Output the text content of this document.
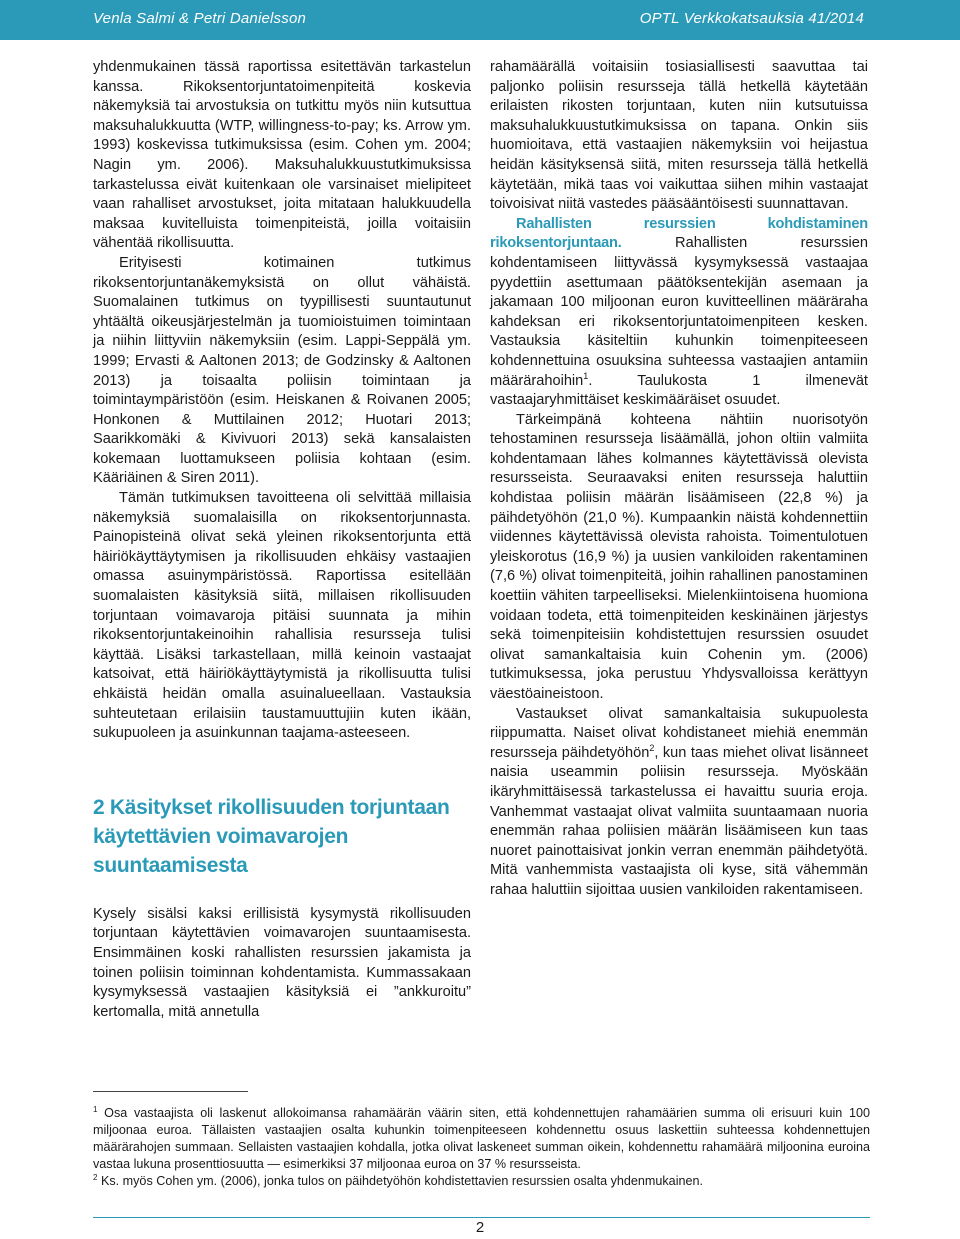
Venla Salmi & Petri Danielsson	OPTL Verkkokatsauksia 41/2014

yhdenmukainen tässä raportissa esitettävän tarkastelun kanssa. Rikoksentorjuntatoimenpiteitä koskevia näkemyksiä tai arvostuksia on tutkittu myös niin kutsuttua maksuhalukkuutta (WTP, willingness-to-pay; ks. Arrow ym. 1993) koskevissa tutkimuksissa (esim. Cohen ym. 2004; Nagin ym. 2006). Maksuhalukkuustutkimuksissa tarkastelussa eivät kuitenkaan ole varsinaiset mielipiteet vaan rahalliset arvostukset, joita mitataan halukkuudella maksaa kuvitelluista toimenpiteistä, joilla voitaisiin vähentää rikollisuutta.

Erityisesti kotimainen tutkimus rikoksentorjuntanäkemyksistä on ollut vähäistä. Suomalainen tutkimus on tyypillisesti suuntautunut yhtäältä oikeusjärjestelmän ja tuomioistuimen toimintaan ja niihin liittyviin näkemyksiin (esim. Lappi-Seppälä ym. 1999; Ervasti & Aaltonen 2013; de Godzinsky & Aaltonen 2013) ja toisaalta poliisin toimintaan ja toimintaympäristöön (esim. Heiskanen & Roivanen 2005; Honkonen & Muttilainen 2012; Huotari 2013; Saarikkomäki & Kivivuori 2013) sekä kansalaisten kokemaan luottamukseen poliisia kohtaan (esim. Kääriäinen & Siren 2011).

Tämän tutkimuksen tavoitteena oli selvittää millaisia näkemyksiä suomalaisilla on rikoksentorjunnasta. Painopisteinä olivat sekä yleinen rikoksentorjunta että häiriökäyttäytymisen ja rikollisuuden ehkäisy vastaajien omassa asuinympäristössä. Raportissa esitellään suomalaisten käsityksiä siitä, millaisen rikollisuuden torjuntaan voimavaroja pitäisi suunnata ja mihin rikoksentorjuntakeinoihin rahallisia resursseja tulisi käyttää. Lisäksi tarkastellaan, millä keinoin vastaajat katsoivat, että häiriökäyttäytymistä ja rikollisuutta tulisi ehkäistä heidän omalla asuinalueellaan. Vastauksia suhteutetaan erilaisiin taustamuuttujiin kuten ikään, sukupuoleen ja asuinkunnan taajama-asteeseen.

2 Käsitykset rikollisuuden torjuntaan
käytettävien voimavarojen suuntaamisesta

Kysely sisälsi kaksi erillisistä kysymystä rikollisuuden torjuntaan käytettävien voimavarojen suuntaamisesta. Ensimmäinen koski rahallisten resurssien jakamista ja toinen poliisin toiminnan kohdentamista. Kummassakaan kysymyksessä vastaajien käsityksiä ei ”ankkuroitu” kertomalla, mitä annetulla

rahamäärällä voitaisiin tosiasiallisesti saavuttaa tai paljonko poliisin resursseja tällä hetkellä käytetään erilaisten rikosten torjuntaan, kuten niin kutsutuissa maksuhalukkuustutkimuksissa on tapana. Onkin siis huomioitava, että vastaajien näkemyksiin voi heijastua heidän käsityksensä siitä, miten resursseja tällä hetkellä käytetään, mikä taas voi vaikuttaa siihen mihin vastaajat toivoisivat niitä vastedes pääsääntöisesti suunnattavan.

Rahallisten resurssien kohdistaminen rikoksentorjuntaan. Rahallisten resurssien kohdentamiseen liittyvässä kysymyksessä vastaajaa pyydettiin asettumaan päätöksentekijän asemaan ja jakamaan 100 miljoonan euron kuvitteellinen määräraha kahdeksan eri rikoksentorjuntatoimenpiteen kesken. Vastauksia käsiteltiin kuhunkin toimenpiteeseen kohdennettuina osuuksina suhteessa vastaajien antamiin määrärahoihin$^1$. Taulukosta 1 ilmenevät vastaajaryhmittäiset keskimääräiset osuudet.

Tärkeimpänä kohteena nähtiin nuorisotyön tehostaminen resursseja lisäämällä, johon oltiin valmiita kohdentamaan lähes kolmannes käytettävissä olevista resursseista. Seuraavaksi eniten resursseja haluttiin kohdistaa poliisin määrän lisäämiseen (22,8 %) ja päihdetyöhön (21,0 %). Kumpaankin näistä kohdennettiin viidennes käytettävissä olevista rahoista. Toimentulotuen yleiskorotus (16,9 %) ja uusien vankiloiden rakentaminen (7,6 %) olivat toimenpiteitä, joihin rahallinen panostaminen koettiin vähiten tarpeelliseksi. Mielenkiintoisena huomiona voidaan todeta, että toimenpiteiden keskinäinen järjestys sekä toimenpiteisiin kohdistettujen resurssien osuudet olivat samankaltaisia kuin Cohenin ym. (2006) tutkimuksessa, joka perustuu Yhdysvalloissa kerättyyn väestöaineistoon.

Vastaukset olivat samankaltaisia sukupuolesta riippumatta. Naiset olivat kohdistaneet miehiä enemmän resursseja päihdetyöhön$^2$, kun taas miehet olivat lisänneet naisia useammin poliisin resursseja. Myöskään ikäryhmittäisessä tarkastelussa ei havaittu suuria eroja. Vanhemmat vastaajat olivat valmiita suuntaamaan nuoria enemmän rahaa poliisien määrän lisäämiseen kun taas nuoret painottaisivat jonkin verran enemmän päihdetyötä. Mitä vanhemmista vastaajista oli kyse, sitä vähemmän rahaa haluttiin sijoittaa uusien vankiloiden rakentamiseen.

$^1$ Osa vastaajista oli laskenut allokoimansa rahamäärän väärin siten, että kohdennettujen rahamäärien summa oli erisuuri kuin 100 miljoonaa euroa. Tällaisten vastaajien osalta kuhunkin toimenpiteeseen kohdennettu osuus laskettiin suhteessa kohdennettujen määrärahojen summaan. Sellaisten vastaajien kohdalla, jotka olivat laskeneet summan oikein, kohdennettu rahamäärä miljoonina euroina vastaa lukuna prosenttiosuutta — esimerkiksi 37 miljoonaa euroa on 37 % resursseista.

$^2$ Ks. myös Cohen ym. (2006), jonka tulos on päihdetyöhön kohdistettavien resurssien osalta yhdenmukainen.

2
